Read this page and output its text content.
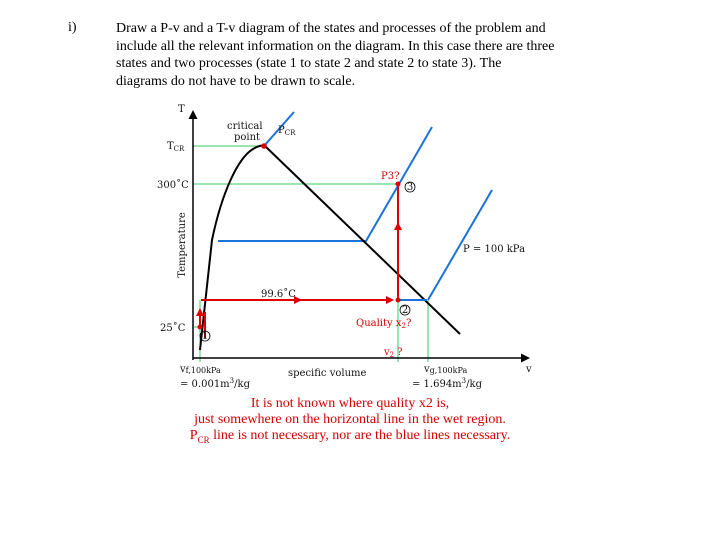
i)	Draw a P-v and a T-v diagram of the states and processes of the problem and
include all the relevant information on the diagram. In this case there are three
states and two processes (state 1 to state 2 and state 2 to state 3). The
diagrams do not have to be drawn to scale.
1
2
3
T
v
Temperature
specific volume
$T_{CR}$
300˚C
25˚C
99.6˚C
critical
point
$P_{CR}$
P3?
Quality $x_2$?
$v_2$ ?
P = 100 kPa
vf,100kPa
= $0.001m^3/kg$
vg,100kPa
= $1.694m^3/kg$
It is not known where quality x2 is,
just somewhere on the horizontal line in the wet region.
$P_{CR}$ line is not necessary, nor are the blue lines necessary.
